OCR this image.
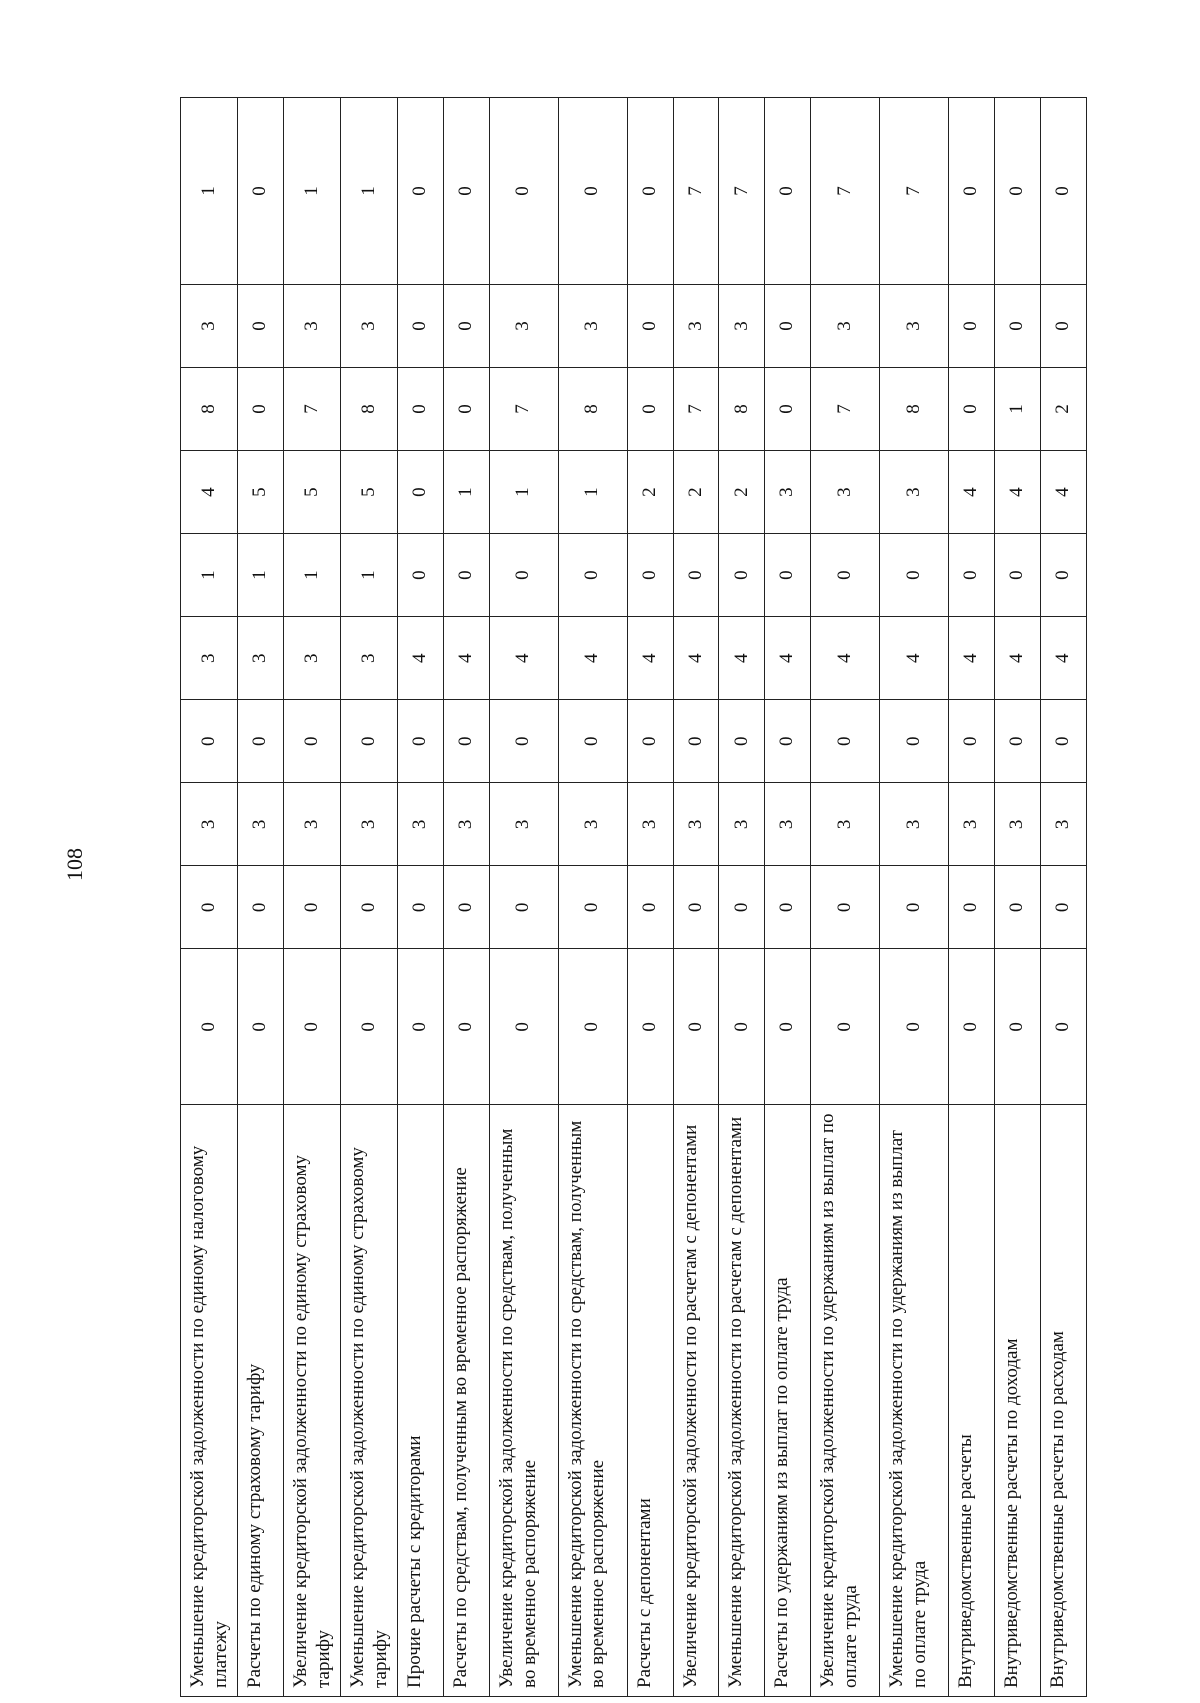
108
Уменьшение кредиторской задолженности по единому налоговому платежу	0	0	3	0	3	1	4	8	3	1
Расчеты по единому страховому тарифу	0	0	3	0	3	1	5	0	0	0
Увеличение кредиторской задолженности по единому страховому тарифу	0	0	3	0	3	1	5	7	3	1
Уменьшение кредиторской задолженности по единому страховому тарифу	0	0	3	0	3	1	5	8	3	1
Прочие расчеты с кредиторами	0	0	3	0	4	0	0	0	0	0
Расчеты по средствам, полученным во временное распоряжение	0	0	3	0	4	0	1	0	0	0
Увеличение кредиторской задолженности по средствам, полученным во временное распоряжение	0	0	3	0	4	0	1	7	3	0
Уменьшение кредиторской задолженности по средствам, полученным во временное распоряжение	0	0	3	0	4	0	1	8	3	0
Расчеты с депонентами	0	0	3	0	4	0	2	0	0	0
Увеличение кредиторской задолженности по расчетам с депонентами	0	0	3	0	4	0	2	7	3	7
Уменьшение кредиторской задолженности по расчетам с депонентами	0	0	3	0	4	0	2	8	3	7
Расчеты по удержаниям из выплат по оплате труда	0	0	3	0	4	0	3	0	0	0
Увеличение кредиторской задолженности по удержаниям из выплат по оплате труда	0	0	3	0	4	0	3	7	3	7
Уменьшение кредиторской задолженности по удержаниям из выплат по оплате труда	0	0	3	0	4	0	3	8	3	7
Внутриведомственные расчеты	0	0	3	0	4	0	4	0	0	0
Внутриведомственные расчеты по доходам	0	0	3	0	4	0	4	1	0	0
Внутриведомственные расчеты по расходам	0	0	3	0	4	0	4	2	0	0
